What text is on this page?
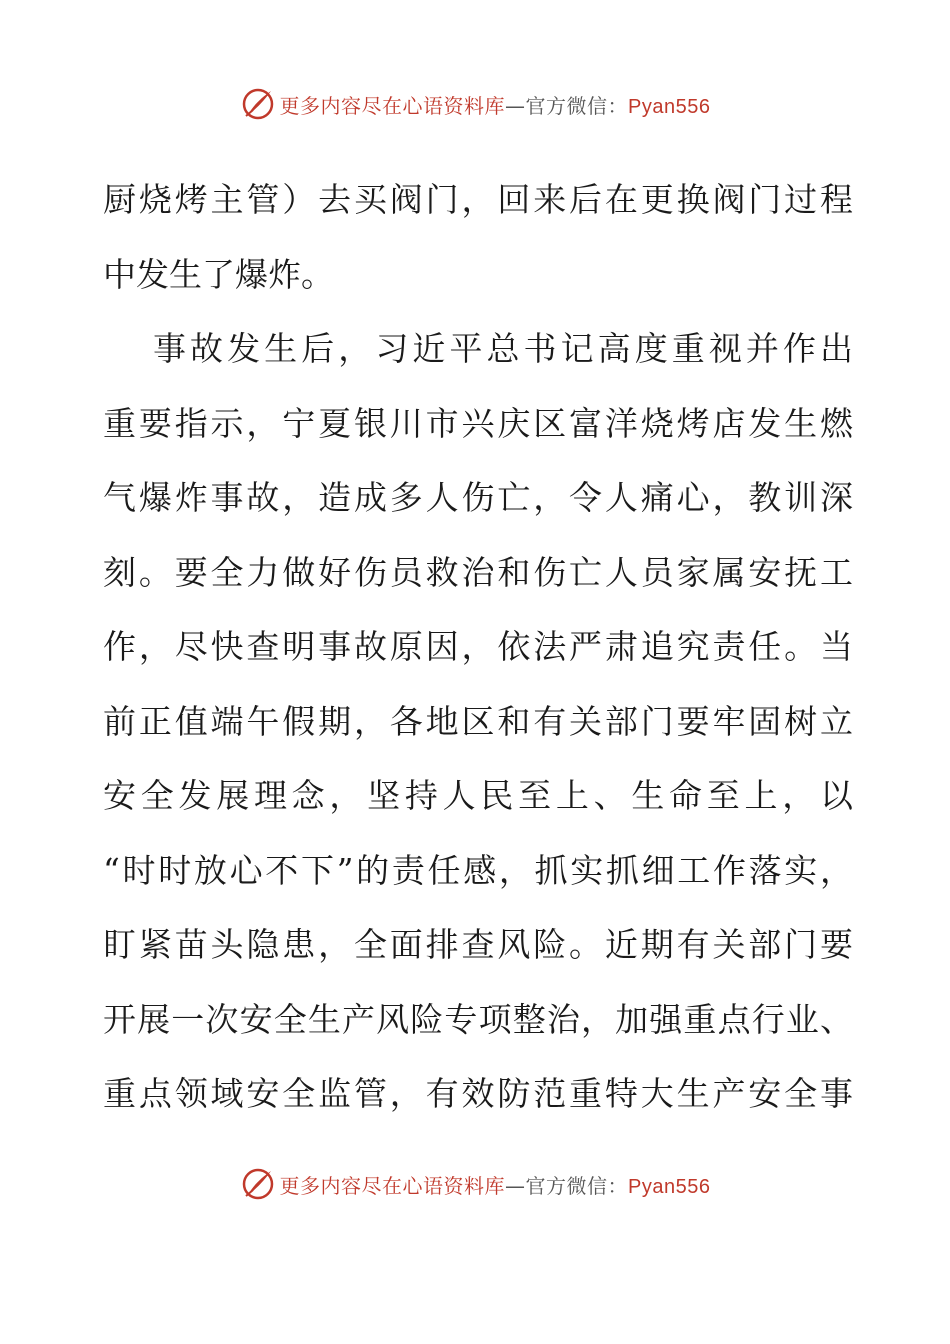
更多内容尽在心语资料库—官方微信：Pyan556
厨烧烤主管）去买阀门，回来后在更换阀门过程
中发生了爆炸。
事故发生后，习近平总书记高度重视并作出
重要指示，宁夏银川市兴庆区富洋烧烤店发生燃
气爆炸事故，造成多人伤亡，令人痛心，教训深
刻。要全力做好伤员救治和伤亡人员家属安抚工
作，尽快查明事故原因，依法严肃追究责任。当
前正值端午假期，各地区和有关部门要牢固树立
安全发展理念，坚持人民至上、生命至上，以
“时时放心不下”的责任感，抓实抓细工作落实，
盯紧苗头隐患，全面排查风险。近期有关部门要
开展一次安全生产风险专项整治，加强重点行业、
重点领域安全监管，有效防范重特大生产安全事
更多内容尽在心语资料库—官方微信：Pyan556
